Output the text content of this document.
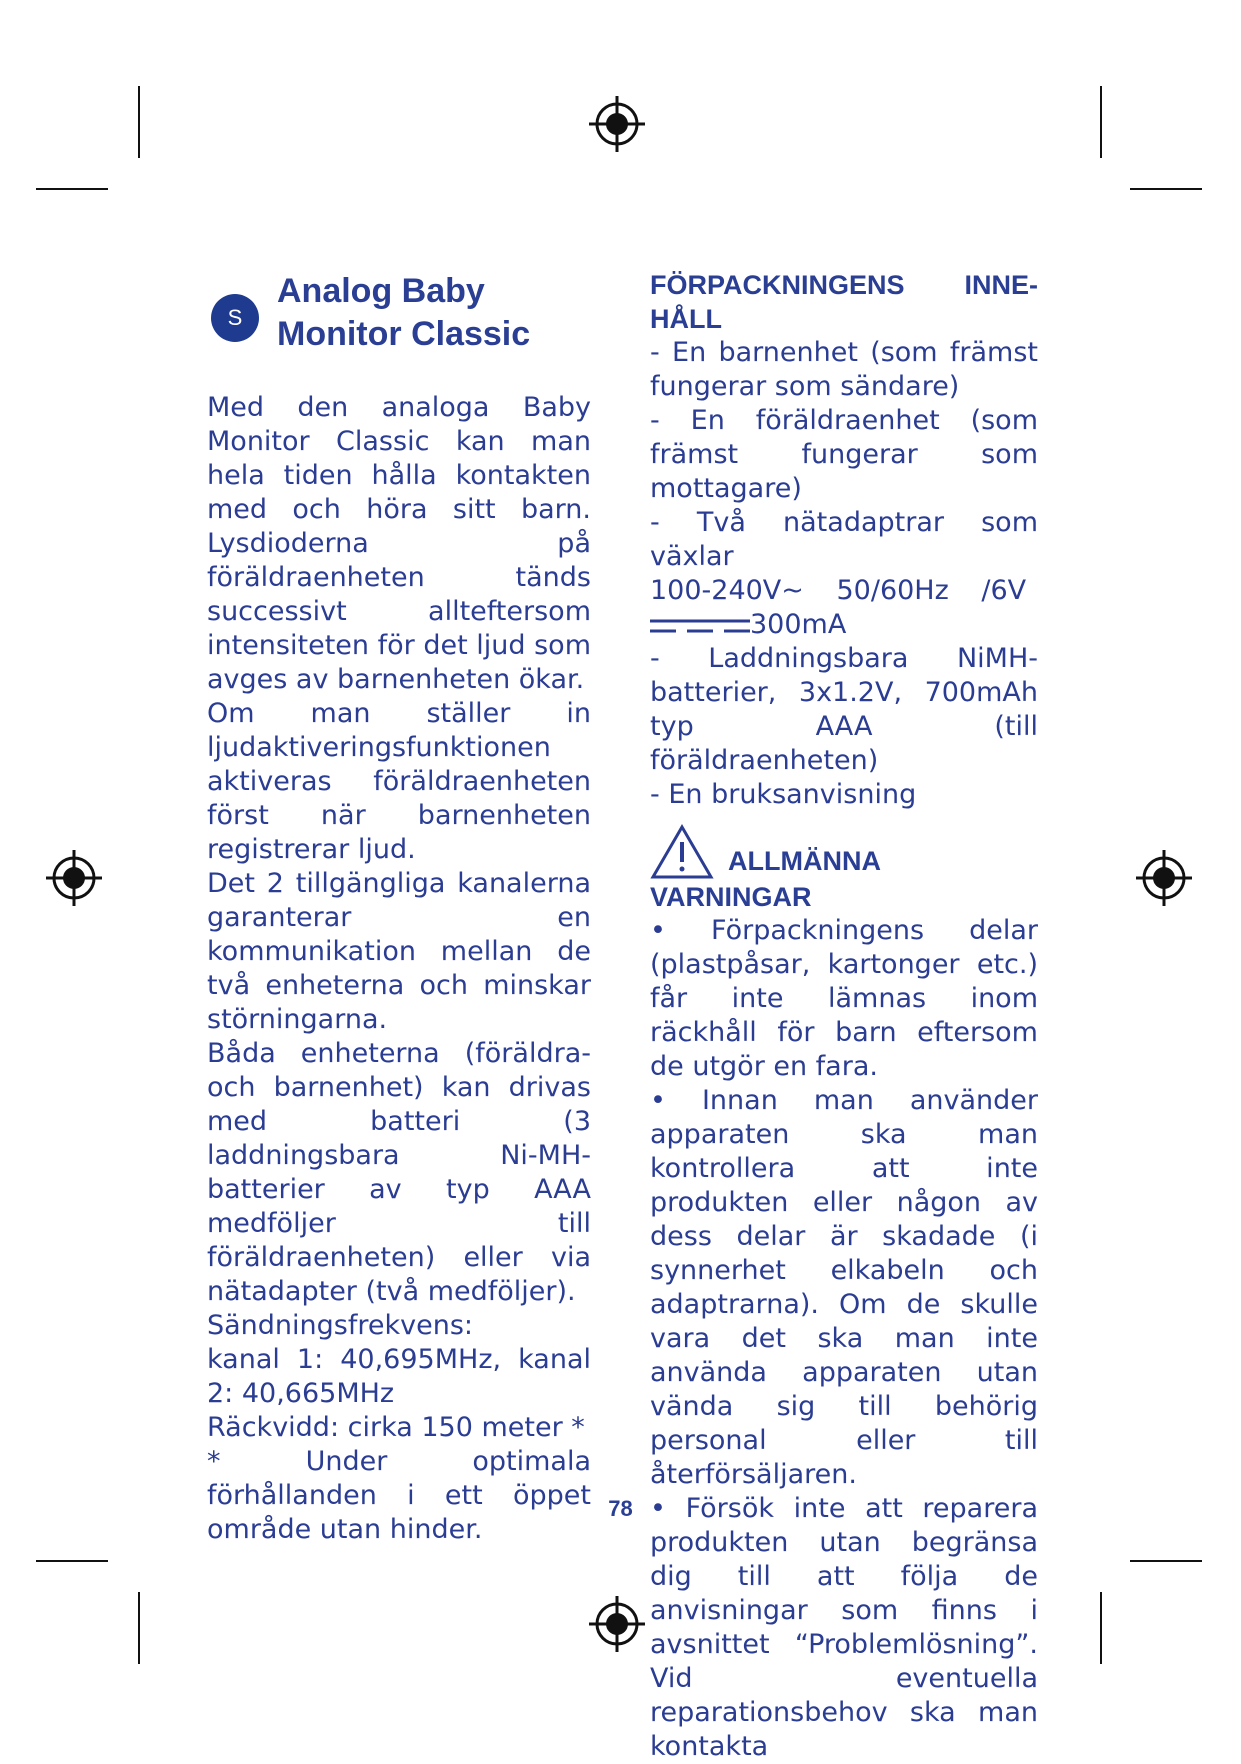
S
Analog Baby
Monitor Classic

Med den analoga Baby Monitor Classic kan man hela tiden hålla kontakten med och höra sitt barn. Lysdioderna på föräldraenheten tänds successivt allteftersom intensiteten för det ljud som avges av barnenheten ökar.
Om man ställer in ljudaktiveringsfunktionen aktiveras föräldraenheten först när barnenheten registrerar ljud.
Det 2 tillgängliga kanalerna garanterar en kommunikation mellan de två enheterna och minskar störningarna.
Båda enheterna (föräldra- och barnenhet) kan drivas med batteri (3 laddningsbara Ni-MH-batterier av typ AAA medföljer till föräldraenheten) eller via nätadapter (två medföljer).
Sändningsfrekvens:
kanal 1: 40,695MHz, kanal 2: 40,665MHz
Räckvidd: cirka 150 meter *
* Under optimala förhållanden i ett öppet område utan hinder.

FÖRPACKNINGENS INNE-
HÅLL

- En barnenhet (som främst fungerar som sändare)

- En föräldraenhet (som främst fungerar som mottagare)

- Två nätadaptrar som växlar
100-240V~ 50/60Hz /6V
300mA

- Laddningsbara NiMH-batterier, 3x1.2V, 700mAh typ AAA (till föräldraenheten)

- En bruksanvisning

ALLMÄNNA
VARNINGAR

• Förpackningens delar (plastpåsar, kartonger etc.) får inte lämnas inom räckhåll för barn eftersom de utgör en fara.

• Innan man använder apparaten ska man kontrollera att inte produkten eller någon av dess delar är skadade (i synnerhet elkabeln och adaptrarna). Om de skulle vara det ska man inte använda apparaten utan vända sig till behörig personal eller till återförsäljaren.

• Försök inte att reparera produkten utan begränsa dig till att följa de anvisningar som finns i avsnittet “Problemlösning”. Vid eventuella reparationsbehov ska man kontakta

78
